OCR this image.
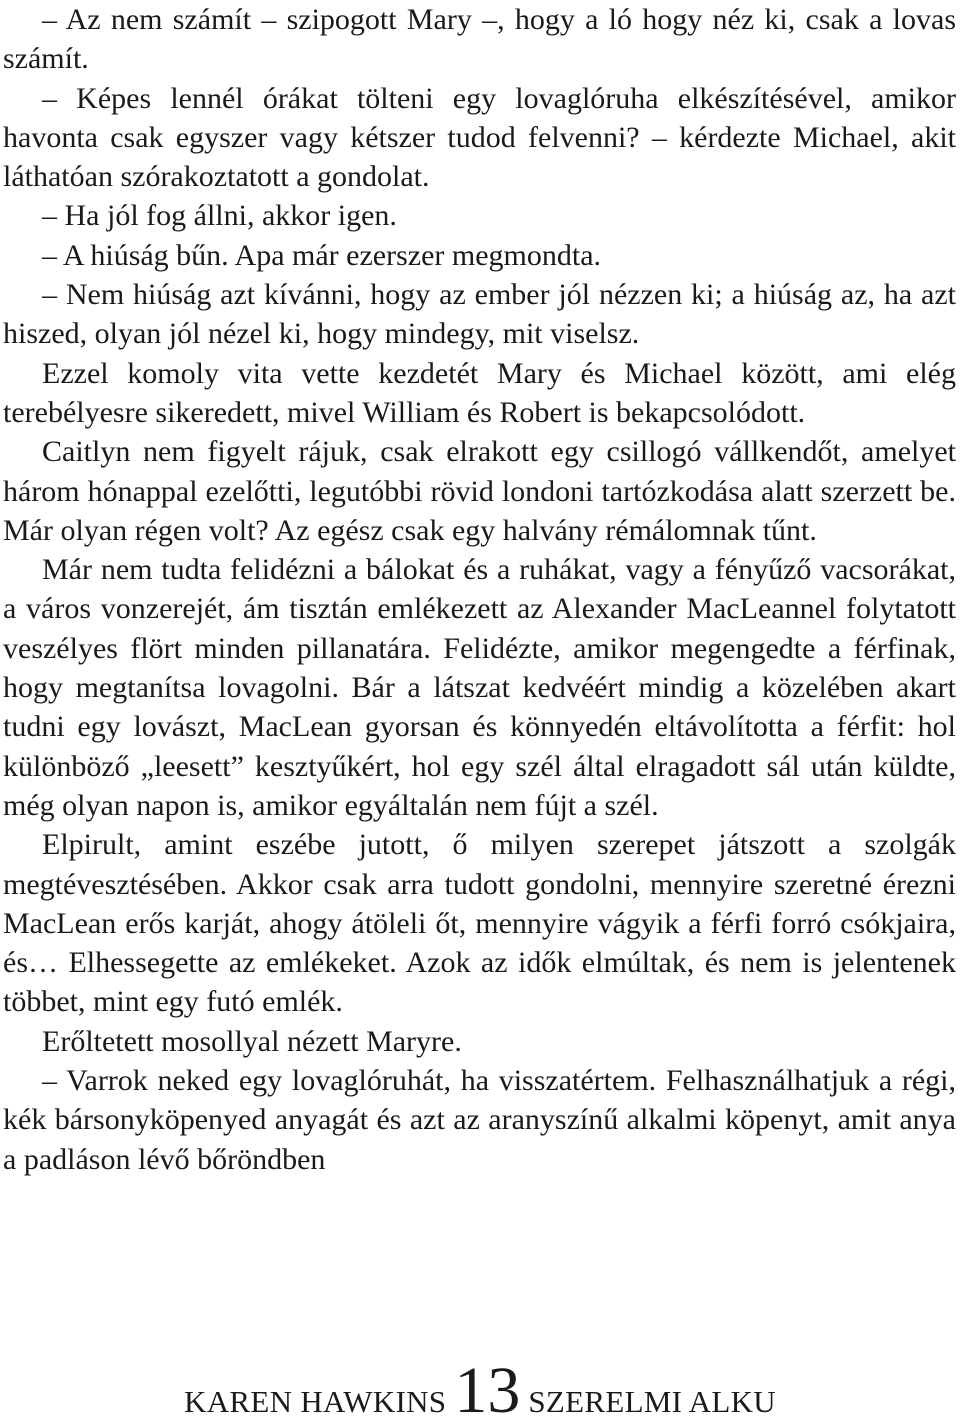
– Az nem számít – szipogott Mary –, hogy a ló hogy néz ki, csak a lovas számít.

– Képes lennél órákat tölteni egy lovaglóruha elkészítésével, amikor havonta csak egyszer vagy kétszer tudod felvenni? – kérdezte Michael, akit láthatóan szórakoztatott a gondolat.

– Ha jól fog állni, akkor igen.

– A hiúság bűn. Apa már ezerszer megmondta.

– Nem hiúság azt kívánni, hogy az ember jól nézzen ki; a hiúság az, ha azt hiszed, olyan jól nézel ki, hogy mindegy, mit viselsz.

Ezzel komoly vita vette kezdetét Mary és Michael között, ami elég terebélyesre sikeredett, mivel William és Robert is bekapcsolódott.

Caitlyn nem figyelt rájuk, csak elrakott egy csillogó vállkendőt, amelyet három hónappal ezelőtti, legutóbbi rövid londoni tartózkodása alatt szerzett be. Már olyan régen volt? Az egész csak egy halvány rémálomnak tűnt.

Már nem tudta felidézni a bálokat és a ruhákat, vagy a fényűző vacsorákat, a város vonzerejét, ám tisztán emlékezett az Alexander MacLeannel folytatott veszélyes flört minden pillanatára. Felidézte, amikor megengedte a férfinak, hogy megtanítsa lovagolni. Bár a látszat kedvéért mindig a közelében akart tudni egy lovászt, MacLean gyorsan és könnyedén eltávolította a férfit: hol különböző „leesett” kesztyűkért, hol egy szél által elragadott sál után küldte, még olyan napon is, amikor egyáltalán nem fújt a szél.

Elpirult, amint eszébe jutott, ő milyen szerepet játszott a szolgák megtévesztésében. Akkor csak arra tudott gondolni, mennyire szeretné érezni MacLean erős karját, ahogy átöleli őt, mennyire vágyik a férfi forró csókjaira, és… Elhessegette az emlékeket. Azok az idők elmúltak, és nem is jelentenek többet, mint egy futó emlék.

Erőltetett mosollyal nézett Maryre.

– Varrok neked egy lovaglóruhát, ha visszatértem. Felhasználhatjuk a régi, kék bársonyköpenyed anyagát és azt az aranyszínű alkalmi köpenyt, amit anya a padláson lévő bőröndben

KAREN HAWKINS 13 SZERELMI ALKU
